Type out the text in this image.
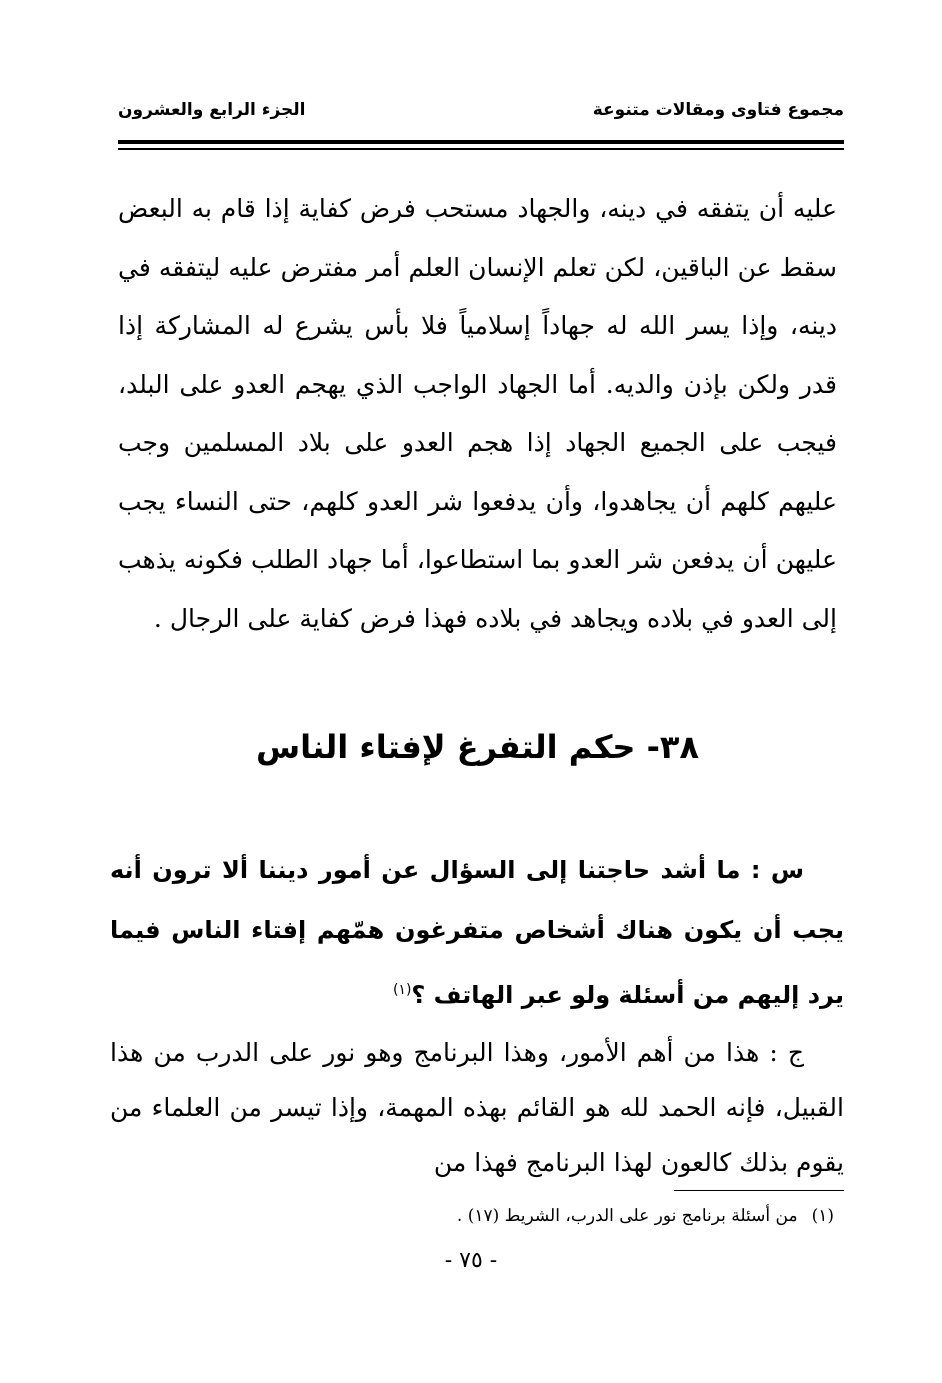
مجموع فتاوى ومقالات متنوعة
الجزء الرابع والعشرون

عليه أن يتفقه في دينه، والجهاد مستحب فرض كفاية إذا قام به البعض سقط عن الباقين، لكن تعلم الإنسان العلم أمر مفترض عليه ليتفقه في دينه، وإذا يسر الله له جهاداً إسلامياً فلا بأس يشرع له المشاركة إذا قدر ولكن بإذن والديه. أما الجهاد الواجب الذي يهجم العدو على البلد، فيجب على الجميع الجهاد إذا هجم العدو على بلاد المسلمين وجب عليهم كلهم أن يجاهدوا، وأن يدفعوا شر العدو كلهم، حتى النساء يجب عليهن أن يدفعن شر العدو بما استطاعوا، أما جهاد الطلب فكونه يذهب إلى العدو في بلاده ويجاهد في بلاده فهذا فرض كفاية على الرجال .

٣٨- حكم التفرغ لإفتاء الناس

س : ما أشد حاجتنا إلى السؤال عن أمور ديننا ألا ترون أنه يجب أن يكون هناك أشخاص متفرغون همّهم إفتاء الناس فيما يرد إليهم من أسئلة ولو عبر الهاتف ؟$^{(١)}$

ج : هذا من أهم الأمور، وهذا البرنامج وهو نور على الدرب من هذا القبيل، فإنه الحمد لله هو القائم بهذه المهمة، وإذا تيسر من العلماء من يقوم بذلك كالعون لهذا البرنامج فهذا من

(١)من أسئلة برنامج نور على الدرب، الشريط (١٧) .
- ٧٥ -
